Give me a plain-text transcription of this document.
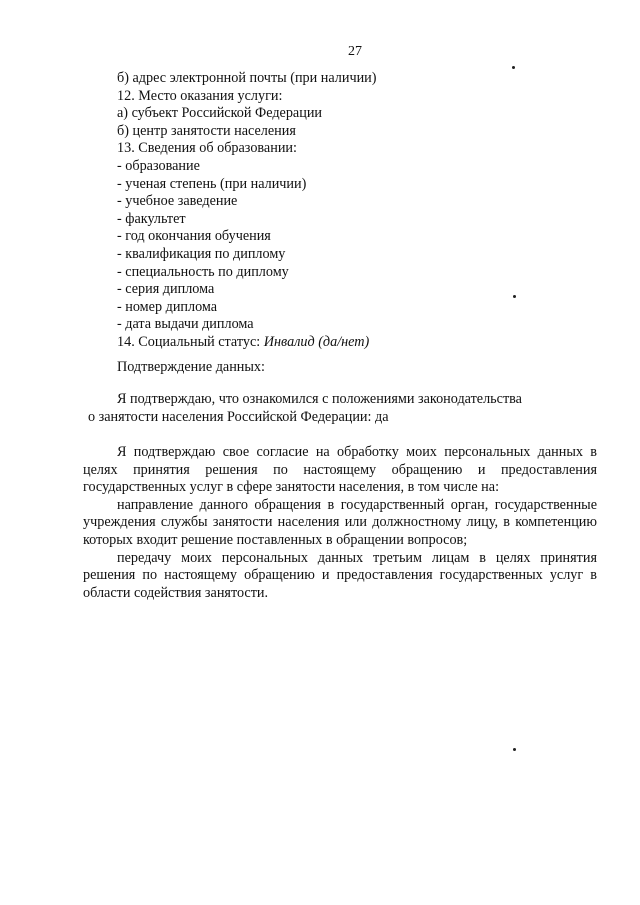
27
б) адрес электронной почты (при наличии)
12. Место оказания услуги:
а) субъект Российской Федерации
б) центр занятости населения
13. Сведения об образовании:
- образование
- ученая степень (при наличии)
- учебное заведение
- факультет
- год окончания обучения
- квалификация по диплому
- специальность по диплому
- серия диплома
- номер диплома
- дата выдачи диплома
14. Социальный статус: Инвалид (да/нет)
Подтверждение данных:
Я подтверждаю, что ознакомился с положениями законодательства
о занятости населения Российской Федерации: да

Я подтверждаю свое согласие на обработку моих персональных данных в целях принятия решения по настоящему обращению и предоставления государственных услуг в сфере занятости населения, в том числе на:

направление данного обращения в государственный орган, государственные учреждения службы занятости населения или должностному лицу, в компетенцию которых входит решение поставленных в обращении вопросов;

передачу моих персональных данных третьим лицам в целях принятия решения по настоящему обращению и предоставления государственных услуг в области содействия занятости.
